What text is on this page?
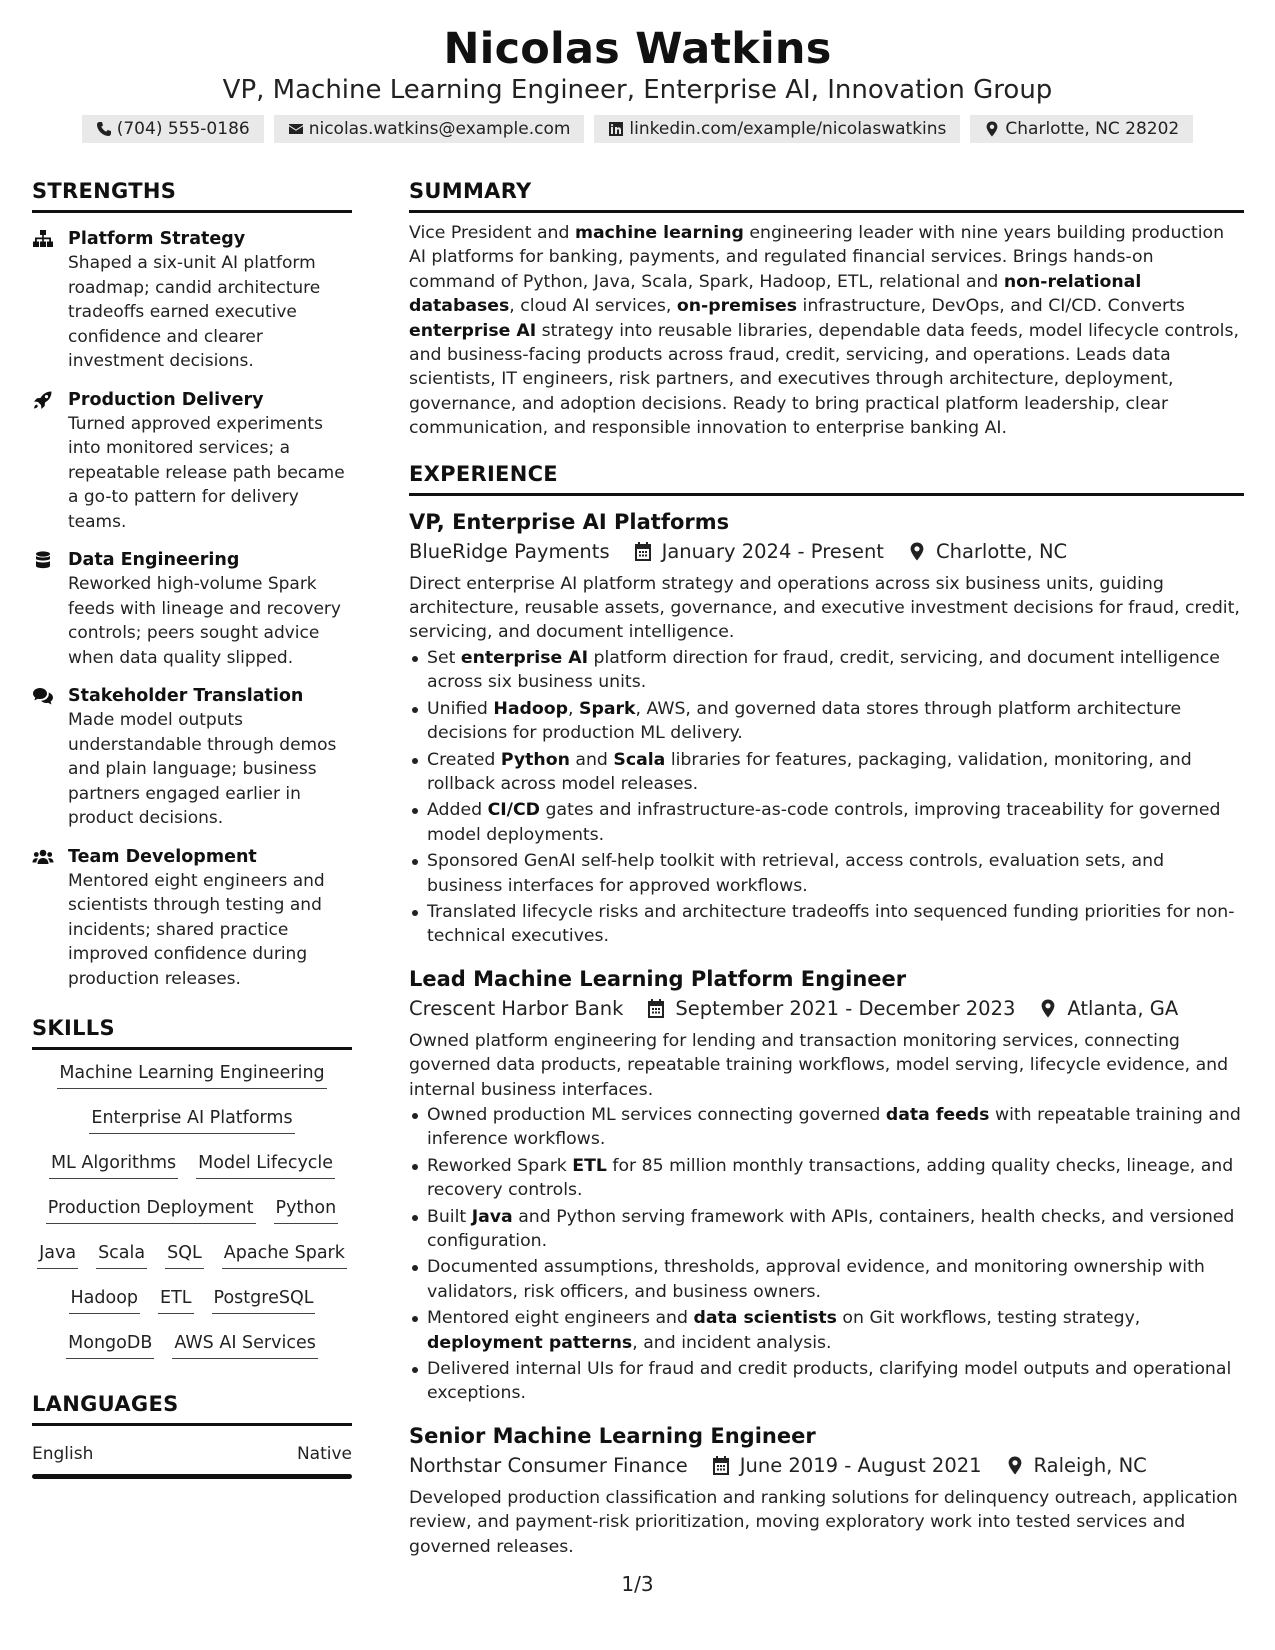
Nicolas Watkins
VP, Machine Learning Engineer, Enterprise AI, Innovation Group
(704) 555-0186	nicolas.watkins@example.com	linkedin.com/example/nicolaswatkins	Charlotte, NC 28202
STRENGTHS
Platform Strategy
Shaped a six-unit AI platform roadmap; candid architecture tradeoffs earned executive confidence and clearer investment decisions.
Production Delivery
Turned approved experiments into monitored services; a repeatable release path became a go-to pattern for delivery teams.
Data Engineering
Reworked high-volume Spark feeds with lineage and recovery controls; peers sought advice when data quality slipped.
Stakeholder Translation
Made model outputs understandable through demos and plain language; business partners engaged earlier in product decisions.
Team Development
Mentored eight engineers and scientists through testing and incidents; shared practice improved confidence during production releases.
SKILLS
Machine Learning Engineering
Enterprise AI Platforms
ML Algorithms Model Lifecycle
Production Deployment Python
Java Scala SQL Apache Spark
Hadoop ETL PostgreSQL
MongoDB AWS AI Services
LANGUAGES
English	Native
SUMMARY
Vice President and machine learning engineering leader with nine years building production AI platforms for banking, payments, and regulated financial services. Brings hands-on command of Python, Java, Scala, Spark, Hadoop, ETL, relational and non-relational databases, cloud AI services, on-premises infrastructure, DevOps, and CI/CD. Converts enterprise AI strategy into reusable libraries, dependable data feeds, model lifecycle controls, and business-facing products across fraud, credit, servicing, and operations. Leads data scientists, IT engineers, risk partners, and executives through architecture, deployment, governance, and adoption decisions. Ready to bring practical platform leadership, clear communication, and responsible innovation to enterprise banking AI.
EXPERIENCE
VP, Enterprise AI Platforms
BlueRidge Payments	January 2024 - Present	Charlotte, NC
Direct enterprise AI platform strategy and operations across six business units, guiding architecture, reusable assets, governance, and executive investment decisions for fraud, credit, servicing, and document intelligence.
Set enterprise AI platform direction for fraud, credit, servicing, and document intelligence across six business units.
Unified Hadoop, Spark, AWS, and governed data stores through platform architecture decisions for production ML delivery.
Created Python and Scala libraries for features, packaging, validation, monitoring, and rollback across model releases.
Added CI/CD gates and infrastructure-as-code controls, improving traceability for governed model deployments.
Sponsored GenAI self-help toolkit with retrieval, access controls, evaluation sets, and business interfaces for approved workflows.
Translated lifecycle risks and architecture tradeoffs into sequenced funding priorities for non-technical executives.
Lead Machine Learning Platform Engineer
Crescent Harbor Bank	September 2021 - December 2023	Atlanta, GA
Owned platform engineering for lending and transaction monitoring services, connecting governed data products, repeatable training workflows, model serving, lifecycle evidence, and internal business interfaces.
Owned production ML services connecting governed data feeds with repeatable training and inference workflows.
Reworked Spark ETL for 85 million monthly transactions, adding quality checks, lineage, and recovery controls.
Built Java and Python serving framework with APIs, containers, health checks, and versioned configuration.
Documented assumptions, thresholds, approval evidence, and monitoring ownership with validators, risk officers, and business owners.
Mentored eight engineers and data scientists on Git workflows, testing strategy, deployment patterns, and incident analysis.
Delivered internal UIs for fraud and credit products, clarifying model outputs and operational exceptions.
Senior Machine Learning Engineer
Northstar Consumer Finance	June 2019 - August 2021	Raleigh, NC
Developed production classification and ranking solutions for delinquency outreach, application review, and payment-risk prioritization, moving exploratory work into tested services and governed releases.
1/3
